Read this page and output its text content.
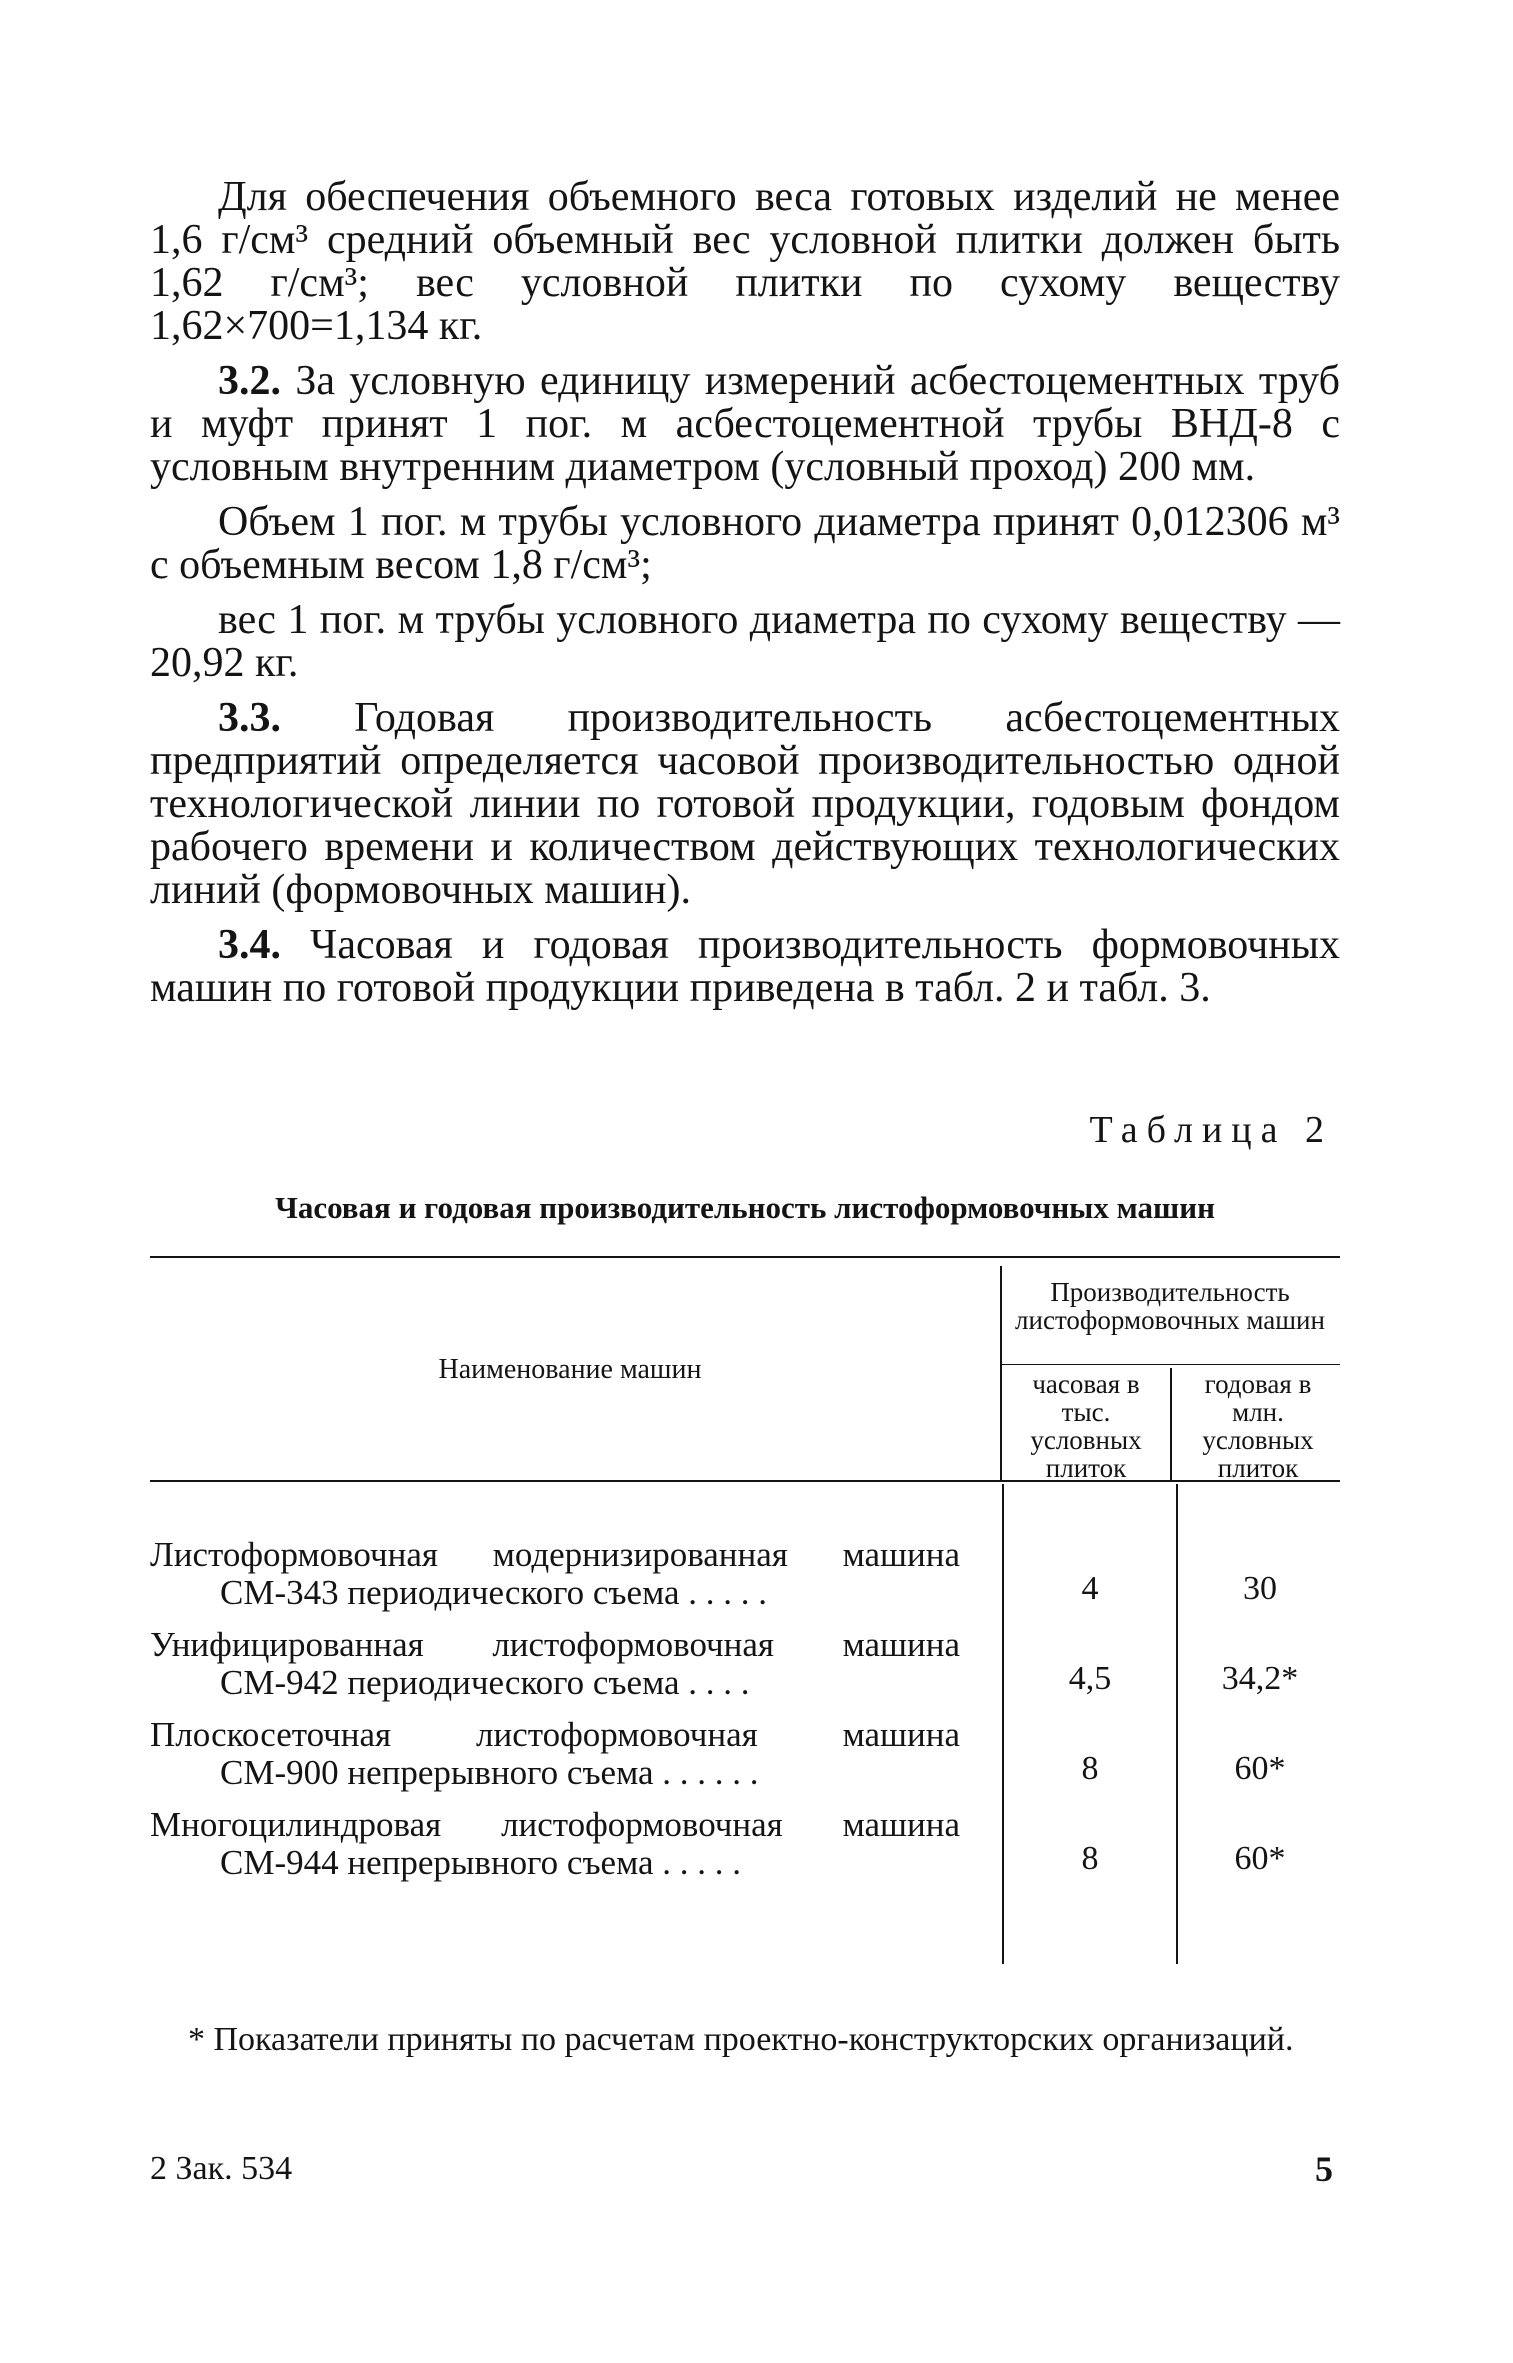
Для обеспечения объемного веса готовых изделий не менее 1,6 г/см³ средний объемный вес условной плитки должен быть 1,62 г/см³; вес условной плитки по сухому веществу 1,62×700=1,134 кг.

3.2. За условную единицу измерений асбестоцементных труб и муфт принят 1 пог. м асбестоцементной трубы ВНД-8 с условным внутренним диаметром (условный проход) 200 мм.

Объем 1 пог. м трубы условного диаметра принят 0,012306 м³ с объемным весом 1,8 г/см³;

вес 1 пог. м трубы условного диаметра по сухому веществу —20,92 кг.

3.3. Годовая производительность асбестоцементных предприятий определяется часовой производительностью одной технологической линии по готовой продукции, годовым фондом рабочего времени и количеством действующих технологических линий (формовочных машин).

3.4. Часовая и годовая производительность формовочных машин по готовой продукции приведена в табл. 2 и табл. 3.

Таблица 2
Часовая и годовая производительность листоформовочных машин
Наименование машин
Производительность листоформовочных машин
часовая в тыс. условных плиток
годовая в млн. условных плиток
Листоформовочная модернизированная машина
СМ-343 периодического съема . . . . .	4	30
Унифицированная листоформовочная машина
СМ-942 периодического съема . . . .	4,5	34,2*
Плоскосеточная листоформовочная машина
СМ-900 непрерывного съема . . . . . .	8	60*
Многоцилиндровая листоформовочная машина
СМ-944 непрерывного съема . . . . .	8	60*
* Показатели приняты по расчетам проектно-конструкторских организаций.
2 Зак. 534	5
